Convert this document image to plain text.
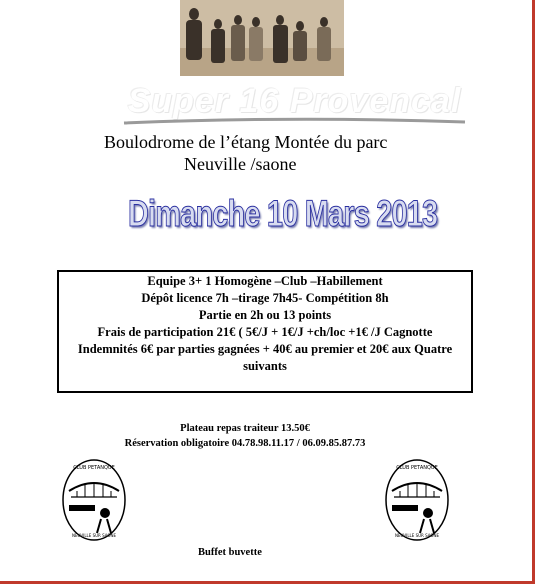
Super 16 Provencal
Boulodrome de l’étang Montée du parc
Neuville /saone
Dimanche 10 Mars 2013
Equipe 3+ 1 Homogène –Club –Habillement
Dépôt licence 7h –tirage 7h45- Compétition 8h
Partie en 2h ou 13 points
Frais de participation 21€ ( 5€/J + 1€/J +ch/loc +1€ /J Cagnotte
Indemnités 6€ par parties gagnées + 40€ au premier et 20€ aux Quatre suivants
Plateau repas traiteur 13.50€
Réservation obligatoire 04.78.98.11.17 / 06.09.85.87.73
CLUB PETANQUE
NEUVILLE SUR SAONE
CLUB PETANQUE
NEUVILLE SUR SAONE
Buffet buvette
